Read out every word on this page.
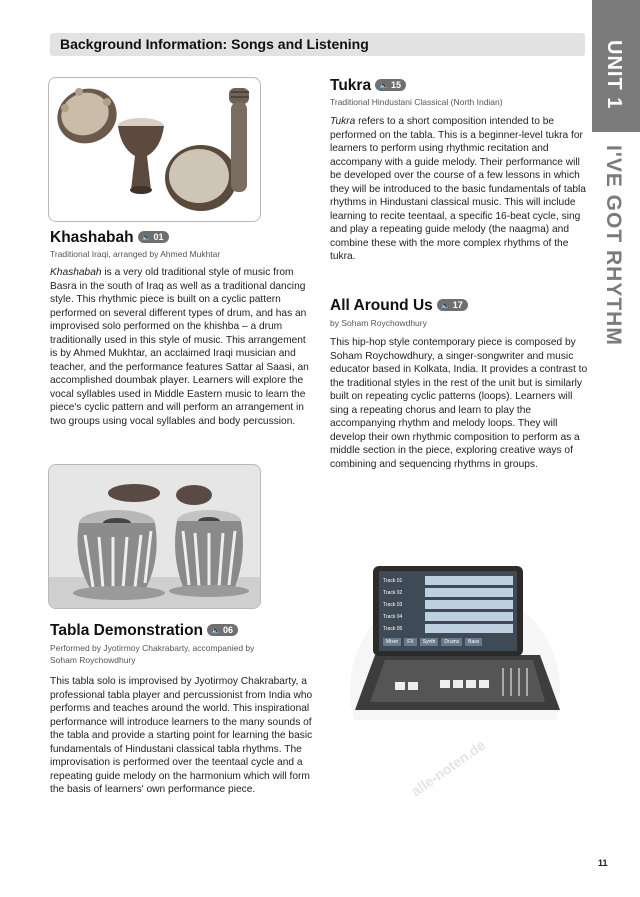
Background Information: Songs and Listening	UNIT 1
I'VE GOT RHYTHM
Khashabah 🔈 01
Traditional Iraqi, arranged by Ahmed Mukhtar

Khashabah is a very old traditional style of music from Basra in the south of Iraq as well as a traditional dancing style. This rhythmic piece is built on a cyclic pattern performed on several different types of drum, and has an improvised solo performed on the khishba – a drum traditionally used in this style of music. This arrangement is by Ahmed Mukhtar, an acclaimed Iraqi musician and teacher, and the performance features Sattar al Saasi, an accomplished doumbak player. Learners will explore the vocal syllables used in Middle Eastern music to learn the piece's cyclic pattern and will perform an arrangement in two groups using vocal syllables and body percussion.

Tabla Demonstration 🔈 06
Performed by Jyotirmoy Chakrabarty, accompanied by Soham Roychowdhury

This tabla solo is improvised by Jyotirmoy Chakrabarty, a professional tabla player and percussionist from India who performs and teaches around the world. This inspirational performance will introduce learners to the many sounds of the tabla and provide a starting point for learning the basic fundamentals of Hindustani classical tabla rhythms. The improvisation is performed over the teentaal cycle and a repeating guide melody on the harmonium which will form the basis of learners' own performance piece.

Tukra 🔈 15
Traditional Hindustani Classical (North Indian)

Tukra refers to a short composition intended to be performed on the tabla. This is a beginner-level tukra for learners to perform using rhythmic recitation and accompany with a guide melody. Their performance will be developed over the course of a few lessons in which they will be introduced to the basic fundamentals of tabla rhythms in Hindustani classical music. This will include learning to recite teentaal, a specific 16-beat cycle, sing and play a repeating guide melody (the naagma) and combine these with the more complex rhythms of the tukra.

All Around Us 🔈 17
by Soham Roychowdhury

This hip-hop style contemporary piece is composed by Soham Roychowdhury, a singer-songwriter and music educator based in Kolkata, India. It provides a contrast to the traditional styles in the rest of the unit but is similarly built on repeating cyclic patterns (loops). Learners will sing a repeating chorus and learn to play the accompanying rhythm and melody loops. They will develop their own rhythmic composition to perform as a middle section in the piece, exploring creative ways of combining and sequencing rhythms in groups.

Track 01
Track 02
Track 03
Track 04
Track 05
Mixer	FX	Synth	Drums	Bass
alle-noten.de
11
